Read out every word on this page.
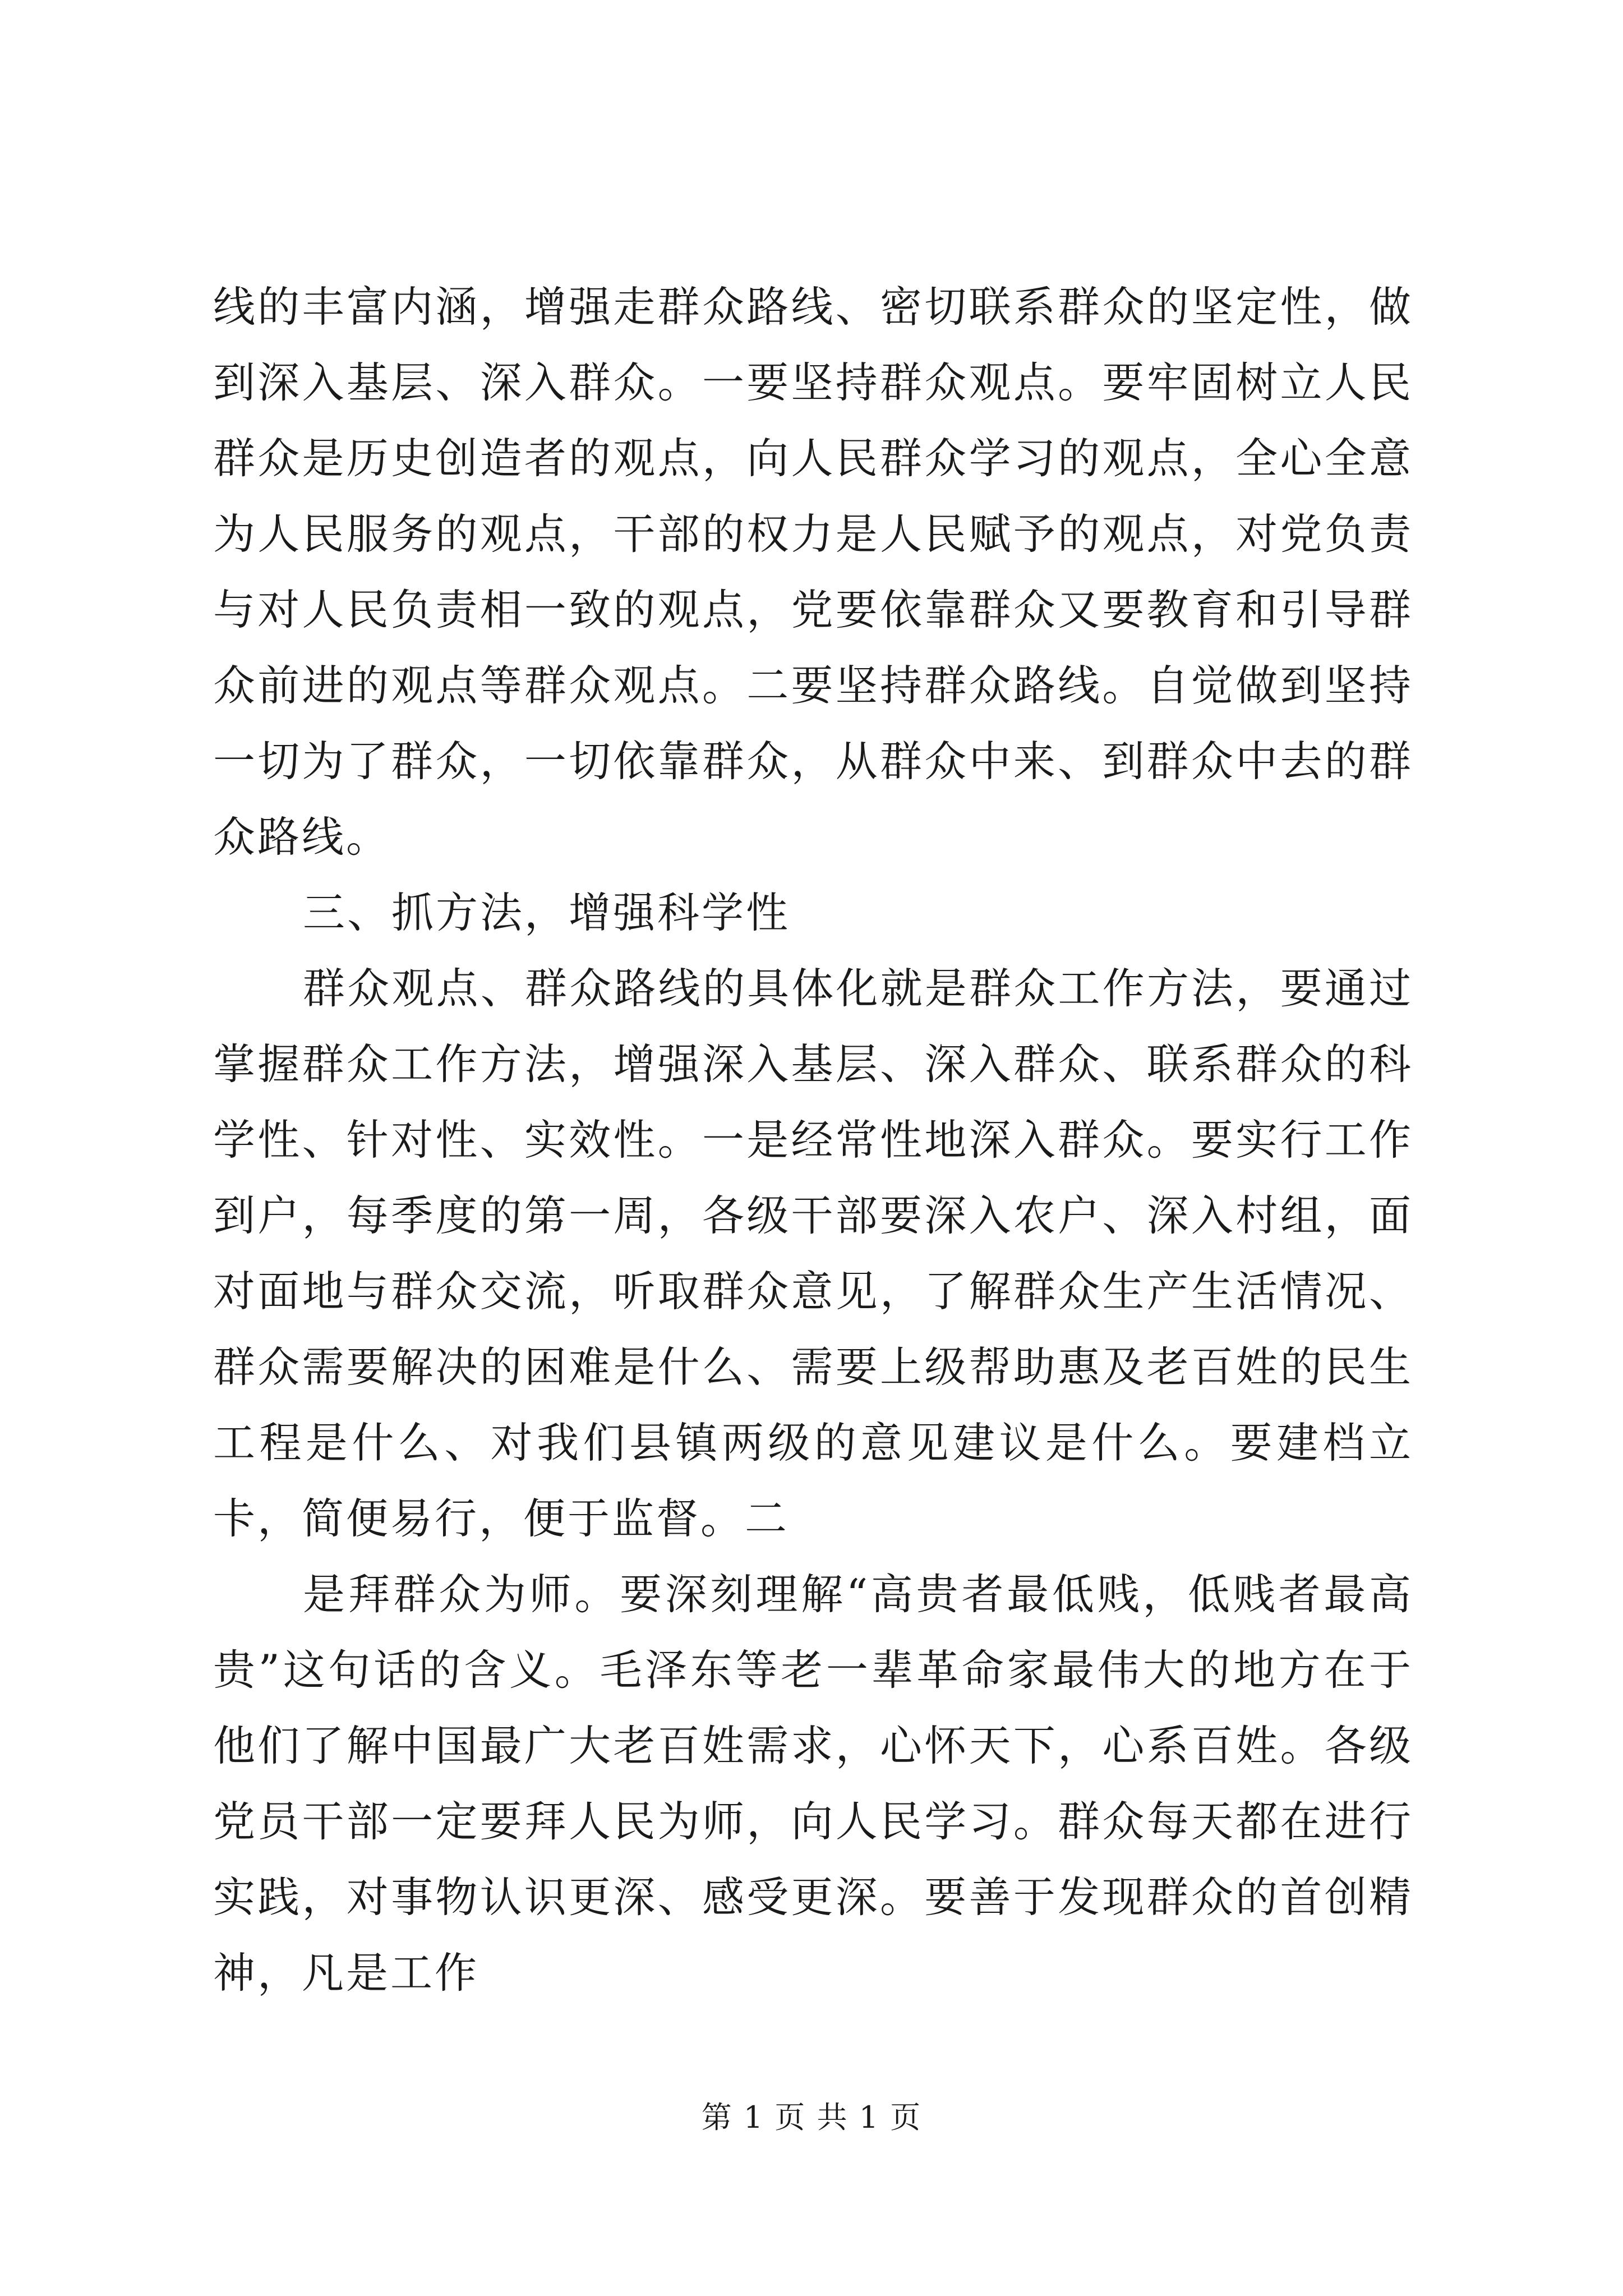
线的丰富内涵，增强走群众路线、密切联系群众的坚定性，做到深入基层、深入群众。一要坚持群众观点。要牢固树立人民群众是历史创造者的观点，向人民群众学习的观点，全心全意为人民服务的观点，干部的权力是人民赋予的观点，对党负责与对人民负责相一致的观点，党要依靠群众又要教育和引导群众前进的观点等群众观点。二要坚持群众路线。自觉做到坚持一切为了群众，一切依靠群众，从群众中来、到群众中去的群众路线。

三、抓方法，增强科学性

群众观点、群众路线的具体化就是群众工作方法，要通过掌握群众工作方法，增强深入基层、深入群众、联系群众的科学性、针对性、实效性。一是经常性地深入群众。要实行工作到户，每季度的第一周，各级干部要深入农户、深入村组，面对面地与群众交流，听取群众意见，了解群众生产生活情况、群众需要解决的困难是什么、需要上级帮助惠及老百姓的民生工程是什么、对我们县镇两级的意见建议是什么。要建档立卡，简便易行，便于监督。二

是拜群众为师。要深刻理解“高贵者最低贱，低贱者最高贵”这句话的含义。毛泽东等老一辈革命家最伟大的地方在于他们了解中国最广大老百姓需求，心怀天下，心系百姓。各级党员干部一定要拜人民为师，向人民学习。群众每天都在进行实践，对事物认识更深、感受更深。要善于发现群众的首创精神，凡是工作

第 1 页 共 1 页
